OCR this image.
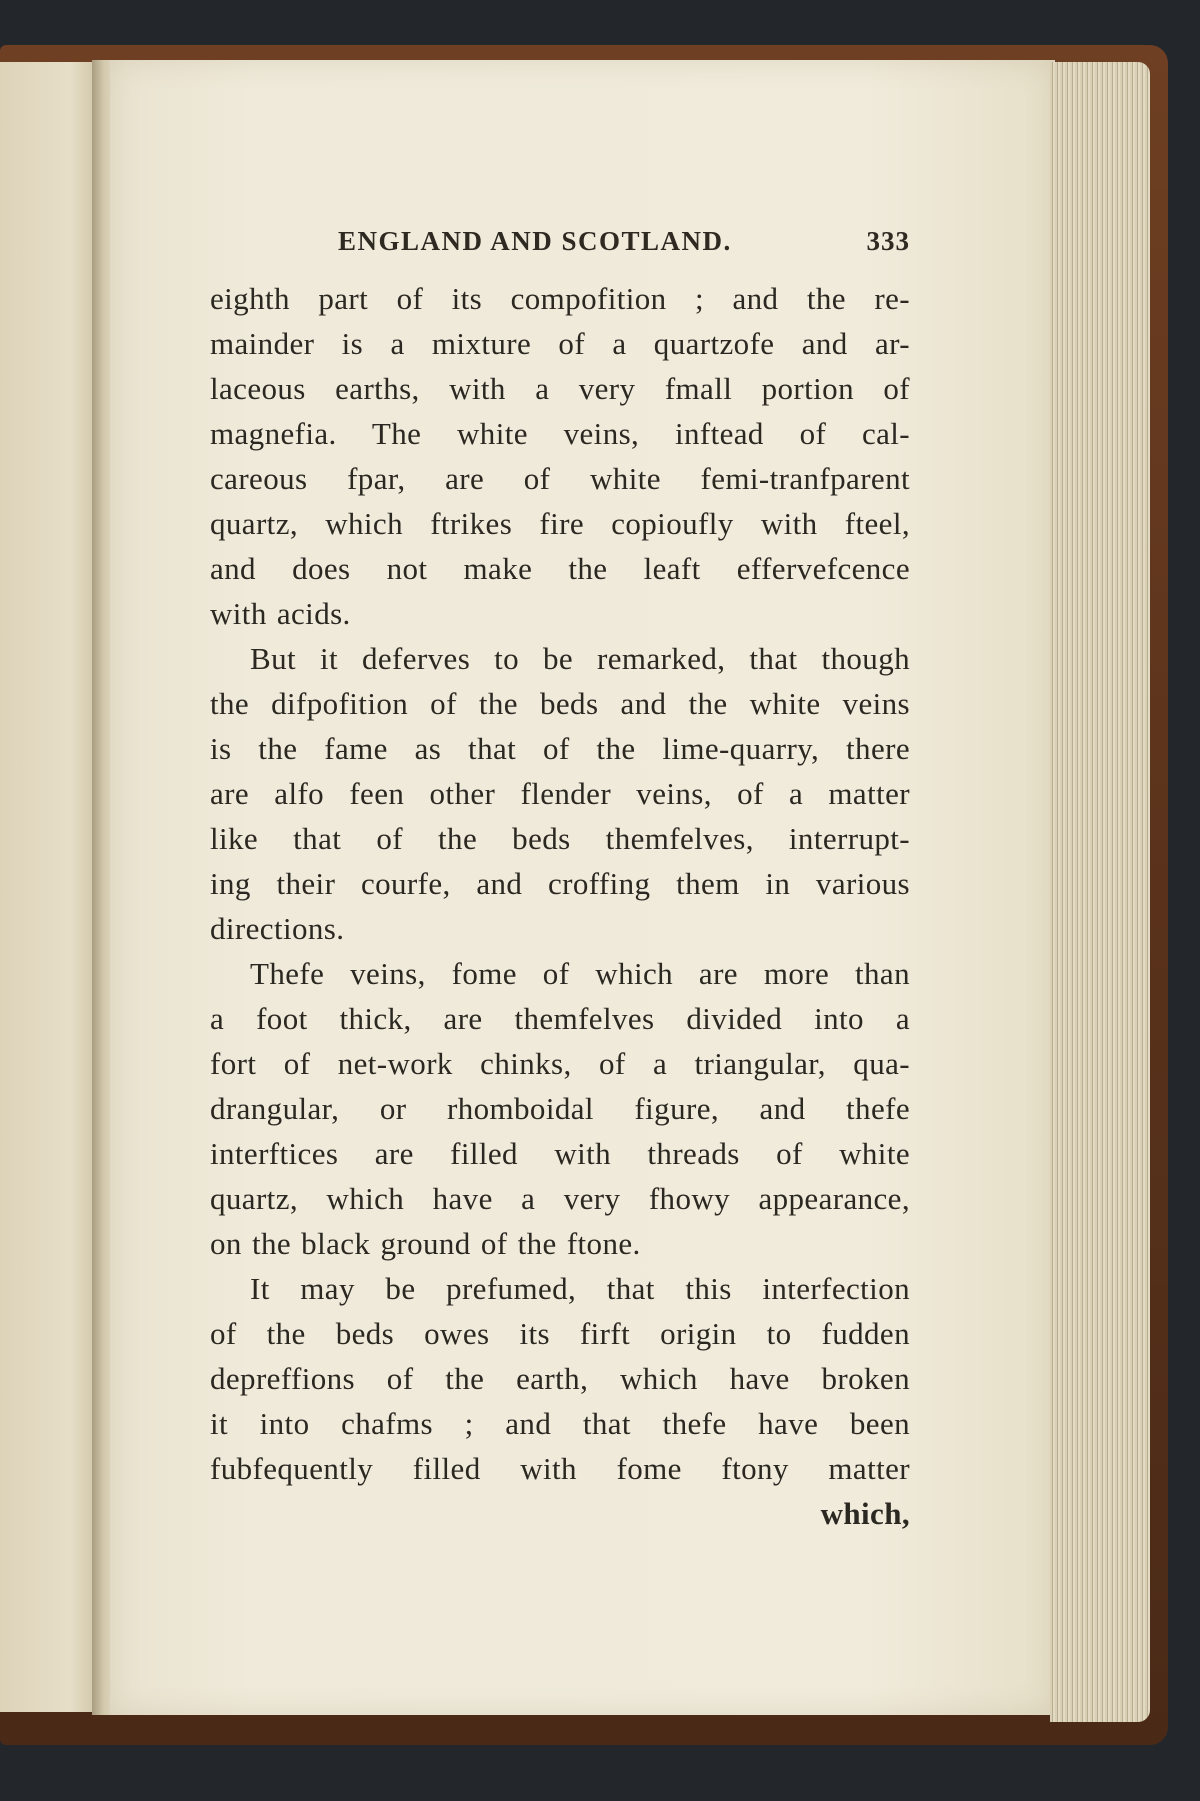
ENGLAND AND SCOTLAND.	333
eighth part of its compofition ; and the re-
mainder is a mixture of a quartzofe and ar-
laceous earths, with a very fmall portion of
magnefia. The white veins, inftead of cal-
careous fpar, are of white femi-tranfparent
quartz, which ftrikes fire copioufly with fteel,
and does not make the leaft effervefcence
with acids.
But it deferves to be remarked, that though
the difpofition of the beds and the white veins
is the fame as that of the lime-quarry, there
are alfo feen other flender veins, of a matter
like that of the beds themfelves, interrupt-
ing their courfe, and croffing them in various
directions.
Thefe veins, fome of which are more than
a foot thick, are themfelves divided into a
fort of net-work chinks, of a triangular, qua-
drangular, or rhomboidal figure, and thefe
interftices are filled with threads of white
quartz, which have a very fhowy appearance,
on the black ground of the ftone.
It may be prefumed, that this interfection
of the beds owes its firft origin to fudden
depreffions of the earth, which have broken
it into chafms ; and that thefe have been
fubfequently filled with fome ftony matter
which,
